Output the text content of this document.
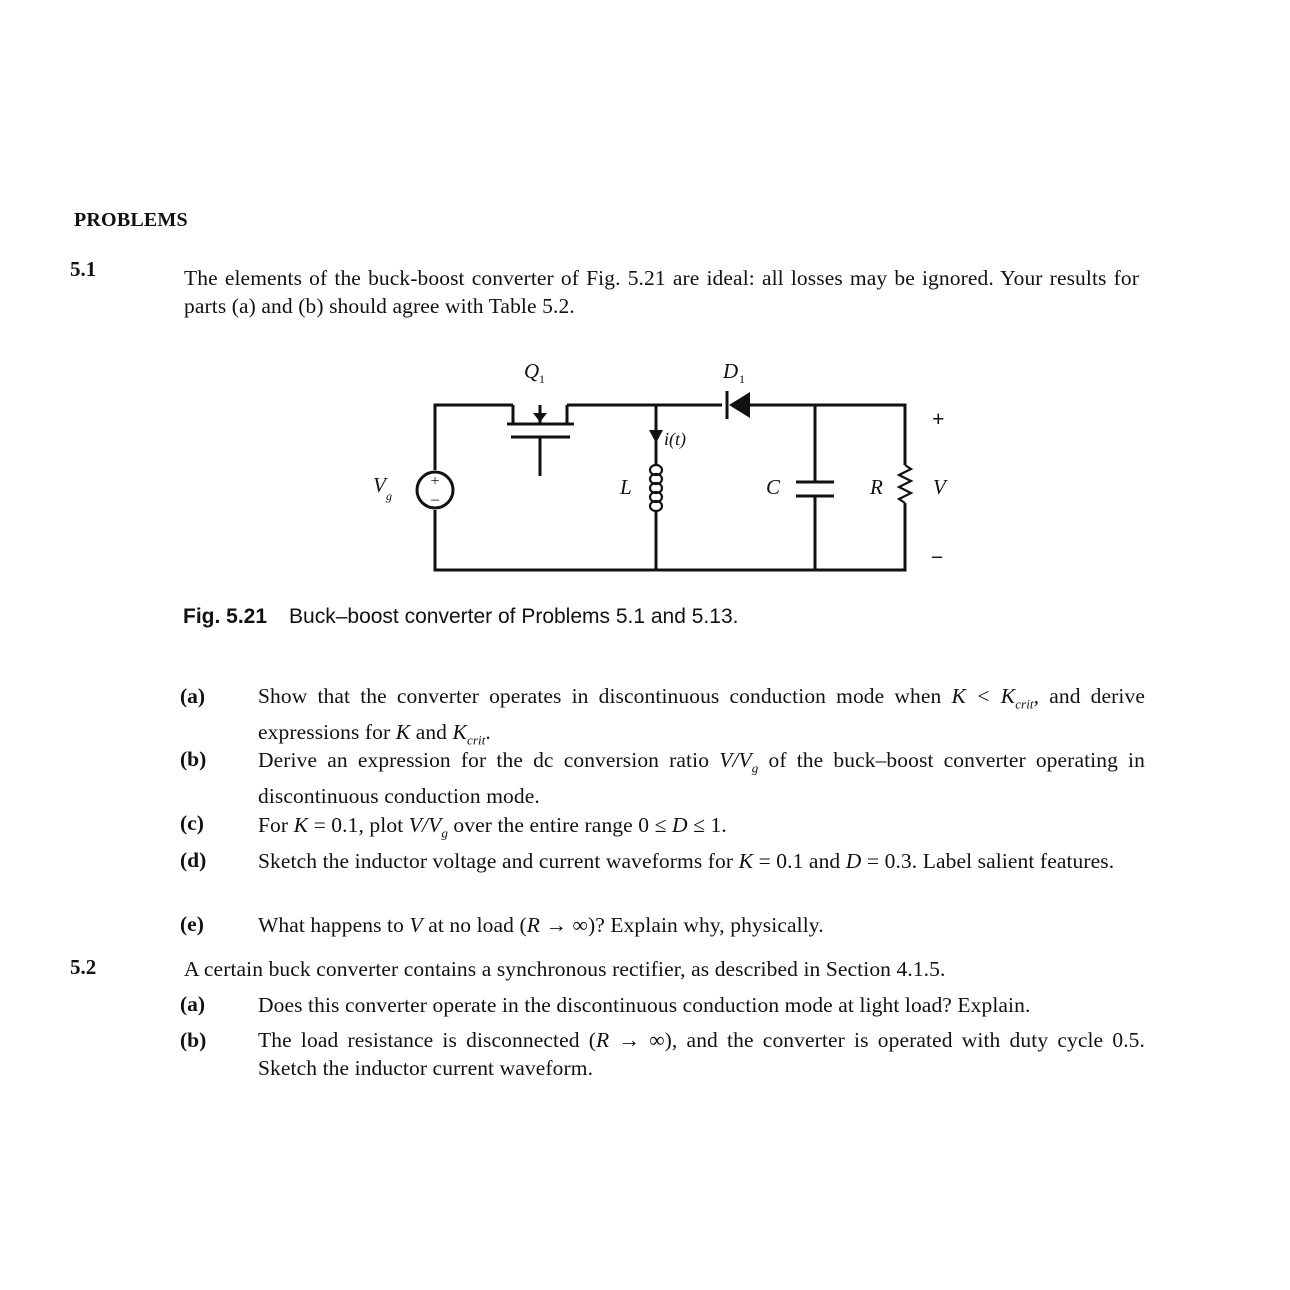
PROBLEMS
5.1	The elements of the buck-boost converter of Fig. 5.21 are ideal: all losses may be ignored. Your results for parts (a) and (b) should agree with Table 5.2.
+
–
Q 1	D 1
i(t)
V g	L	C	R V
+
–
Fig. 5.21 Buck–boost converter of Problems 5.1 and 5.13.
(a) Show that the converter operates in discontinuous conduction mode when $K < K_{crit}$, and derive expressions for K and $K_{crit}$.
(b) Derive an expression for the dc conversion ratio $V/V_g$ of the buck–boost converter operating in discontinuous conduction mode.
(c)	For K = 0.1, plot $V/V_g$ over the entire range 0 ≤ D ≤ 1.
(d) Sketch the inductor voltage and current waveforms for K = 0.1 and D = 0.3. Label salient features.
(e)	What happens to V at no load (R → ∞)? Explain why, physically.
5.2	A certain buck converter contains a synchronous rectifier, as described in Section 4.1.5.
(a) Does this converter operate in the discontinuous conduction mode at light load? Explain.
(b) The load resistance is disconnected (R → ∞), and the converter is operated with duty cycle 0.5. Sketch the inductor current waveform.
